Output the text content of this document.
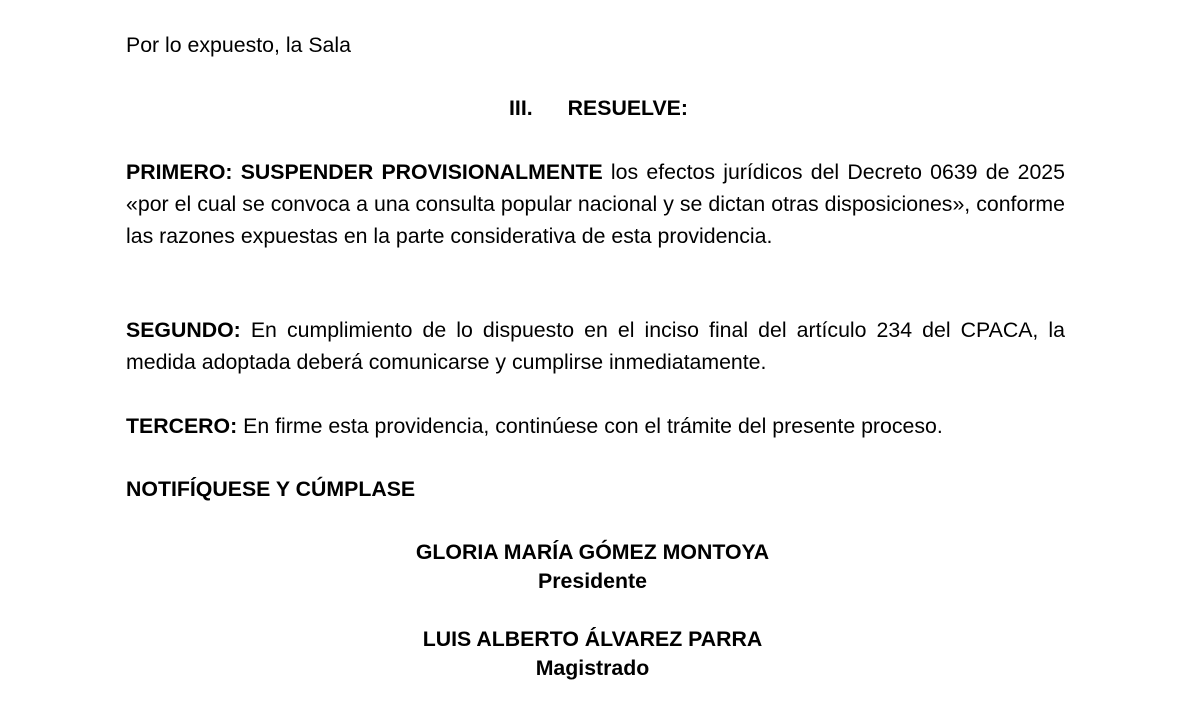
Por lo expuesto, la Sala
III. RESUELVE:
PRIMERO: SUSPENDER PROVISIONALMENTE los efectos jurídicos del Decreto 0639 de 2025 «por el cual se convoca a una consulta popular nacional y se dictan otras disposiciones», conforme las razones expuestas en la parte considerativa de esta providencia.
SEGUNDO: En cumplimiento de lo dispuesto en el inciso final del artículo 234 del CPACA, la medida adoptada deberá comunicarse y cumplirse inmediatamente.
TERCERO: En firme esta providencia, continúese con el trámite del presente proceso.
NOTIFÍQUESE Y CÚMPLASE
GLORIA MARÍA GÓMEZ MONTOYA
Presidente
LUIS ALBERTO ÁLVAREZ PARRA
Magistrado
